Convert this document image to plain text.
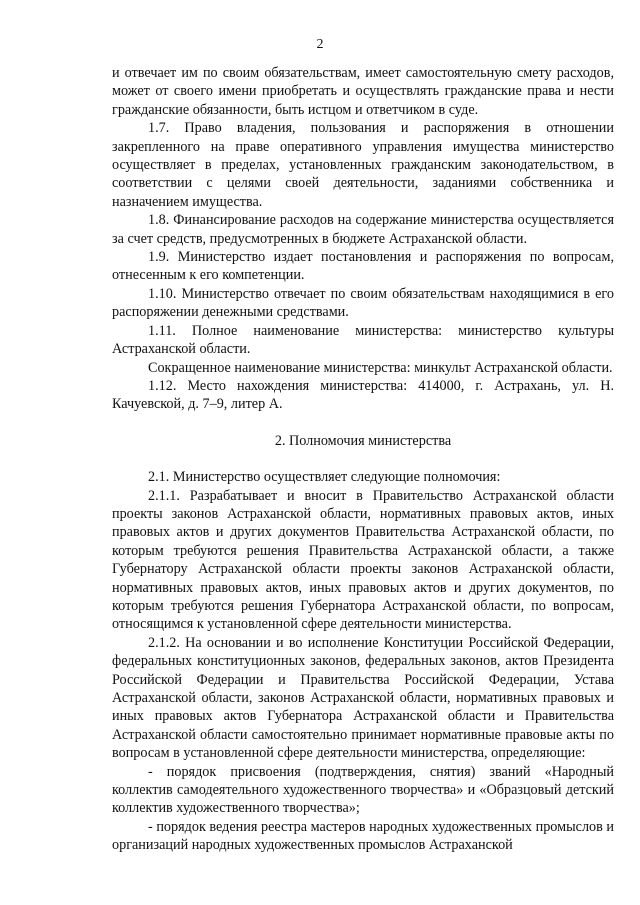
2

и отвечает им по своим обязательствам, имеет самостоятельную смету расходов, может от своего имени приобретать и осуществлять гражданские права и нести гражданские обязанности, быть истцом и ответчиком в суде.

1.7. Право владения, пользования и распоряжения в отношении закрепленного на праве оперативного управления имущества министерство осуществляет в пределах, установленных гражданским законодательством, в соответствии с целями своей деятельности, заданиями собственника и назначением имущества.

1.8. Финансирование расходов на содержание министерства осуществляется за счет средств, предусмотренных в бюджете Астраханской области.

1.9. Министерство издает постановления и распоряжения по вопросам, отнесенным к его компетенции.

1.10. Министерство отвечает по своим обязательствам находящимися в его распоряжении денежными средствами.

1.11. Полное наименование министерства: министерство культуры Астраханской области.

Сокращенное наименование министерства: минкульт Астраханской области.

1.12. Место нахождения министерства: 414000, г. Астрахань, ул. Н. Качуевской, д. 7–9, литер А.

2. Полномочия министерства

2.1. Министерство осуществляет следующие полномочия:

2.1.1. Разрабатывает и вносит в Правительство Астраханской области проекты законов Астраханской области, нормативных правовых актов, иных правовых актов и других документов Правительства Астраханской области, по которым требуются решения Правительства Астраханской области, а также Губернатору Астраханской области проекты законов Астраханской области, нормативных правовых актов, иных правовых актов и других документов, по которым требуются решения Губернатора Астраханской области, по вопросам, относящимся к установленной сфере деятельности министерства.

2.1.2. На основании и во исполнение Конституции Российской Федерации, федеральных конституционных законов, федеральных законов, актов Президента Российской Федерации и Правительства Российской Федерации, Устава Астраханской области, законов Астраханской области, нормативных правовых и иных правовых актов Губернатора Астраханской области и Правительства Астраханской области самостоятельно принимает нормативные правовые акты по вопросам в установленной сфере деятельности министерства, определяющие:

- порядок присвоения (подтверждения, снятия) званий «Народный коллектив самодеятельного художественного творчества» и «Образцовый детский коллектив художественного творчества»;

- порядок ведения реестра мастеров народных художественных промыслов и организаций народных художественных промыслов Астраханской
